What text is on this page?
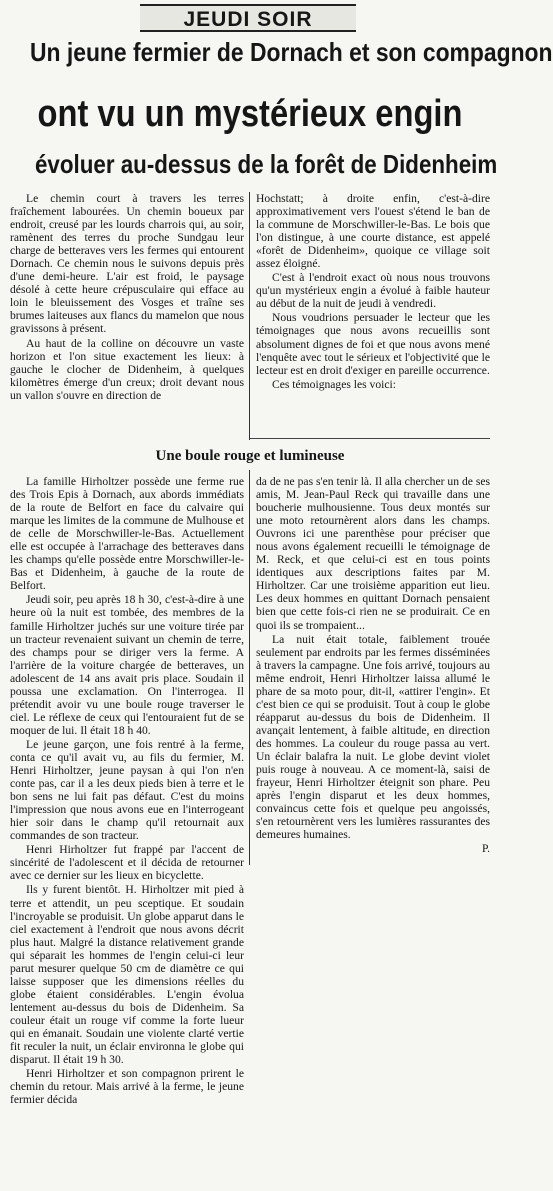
JEUDI SOIR
Un jeune fermier de Dornach et son compagnon
ont vu un mystérieux engin
évoluer au-dessus de la forêt de Didenheim

Le chemin court à travers les terres fraîchement labourées. Un chemin boueux par endroit, creusé par les lourds charrois qui, au soir, ramènent des terres du proche Sundgau leur charge de betteraves vers les fermes qui entourent Dornach. Ce chemin nous le suivons depuis près d'une demi-heure. L'air est froid, le paysage désolé à cette heure crépusculaire qui efface au loin le bleuissement des Vosges et traîne ses brumes laiteuses aux flancs du mamelon que nous gravissons à présent.

Au haut de la colline on découvre un vaste horizon et l'on situe exactement les lieux: à gauche le clocher de Didenheim, à quelques kilomètres émerge d'un creux; droit devant nous un vallon s'ouvre en direction de

Hochstatt; à droite enfin, c'est-à-dire approximativement vers l'ouest s'étend le ban de la commune de Morschwiller-le-Bas. Le bois que l'on distingue, à une courte distance, est appelé «forêt de Didenheim», quoique ce village soit assez éloigné.

C'est à l'endroit exact où nous nous trouvons qu'un mystérieux engin a évolué à faible hauteur au début de la nuit de jeudi à vendredi.

Nous voudrions persuader le lecteur que les témoignages que nous avons recueillis sont absolument dignes de foi et que nous avons mené l'enquête avec tout le sérieux et l'objectivité que le lecteur est en droit d'exiger en pareille occurrence.

Ces témoignages les voici:

Une boule rouge et lumineuse

La famille Hirholtzer possède une ferme rue des Trois Epis à Dornach, aux abords immédiats de la route de Belfort en face du calvaire qui marque les limites de la commune de Mulhouse et de celle de Morschwiller-le-Bas. Actuellement elle est occupée à l'arrachage des betteraves dans les champs qu'elle possède entre Morschwiller-le-Bas et Didenheim, à gauche de la route de Belfort.

Jeudi soir, peu après 18 h 30, c'est-à-dire à une heure où la nuit est tombée, des membres de la famille Hirholtzer juchés sur une voiture tirée par un tracteur revenaient suivant un chemin de terre, des champs pour se diriger vers la ferme. A l'arrière de la voiture chargée de betteraves, un adolescent de 14 ans avait pris place. Soudain il poussa une exclamation. On l'interrogea. Il prétendit avoir vu une boule rouge traverser le ciel. Le réflexe de ceux qui l'entouraient fut de se moquer de lui. Il était 18 h 40.

Le jeune garçon, une fois rentré à la ferme, conta ce qu'il avait vu, au fils du fermier, M. Henri Hirholtzer, jeune paysan à qui l'on n'en conte pas, car il a les deux pieds bien à terre et le bon sens ne lui fait pas défaut. C'est du moins l'impression que nous avons eue en l'interrogeant hier soir dans le champ qu'il retournait aux commandes de son tracteur.

Henri Hirholtzer fut frappé par l'accent de sincérité de l'adolescent et il décida de retourner avec ce dernier sur les lieux en bicyclette.

Ils y furent bientôt. H. Hirholtzer mit pied à terre et attendit, un peu sceptique. Et soudain l'incroyable se produisit. Un globe apparut dans le ciel exactement à l'endroit que nous avons décrit plus haut. Malgré la distance relativement grande qui séparait les hommes de l'engin celui-ci leur parut mesurer quelque 50 cm de diamètre ce qui laisse supposer que les dimensions réelles du globe étaient considérables. L'engin évolua lentement au-dessus du bois de Didenheim. Sa couleur était un rouge vif comme la forte lueur qui en émanait. Soudain une violente clarté vertie fit reculer la nuit, un éclair environna le globe qui disparut. Il était 19 h 30.

Henri Hirholtzer et son compagnon prirent le chemin du retour. Mais arrivé à la ferme, le jeune fermier décida

da de ne pas s'en tenir là. Il alla chercher un de ses amis, M. Jean-Paul Reck qui travaille dans une boucherie mulhousienne. Tous deux montés sur une moto retournèrent alors dans les champs. Ouvrons ici une parenthèse pour préciser que nous avons également recueilli le témoignage de M. Reck, et que celui-ci est en tous points identiques aux descriptions faites par M. Hirholtzer. Car une troisième apparition eut lieu. Les deux hommes en quittant Dornach pensaient bien que cette fois-ci rien ne se produirait. Ce en quoi ils se trompaient...

La nuit était totale, faiblement trouée seulement par endroits par les fermes disséminées à travers la campagne. Une fois arrivé, toujours au même endroit, Henri Hirholtzer laissa allumé le phare de sa moto pour, dit-il, «attirer l'engin». Et c'est bien ce qui se produisit. Tout à coup le globe réapparut au-dessus du bois de Didenheim. Il avançait lentement, à faible altitude, en direction des hommes. La couleur du rouge passa au vert. Un éclair balafra la nuit. Le globe devint violet puis rouge à nouveau. A ce moment-là, saisi de frayeur, Henri Hirholtzer éteignit son phare. Peu après l'engin disparut et les deux hommes, convaincus cette fois et quelque peu angoissés, s'en retournèrent vers les lumières rassurantes des demeures humaines.

P.
